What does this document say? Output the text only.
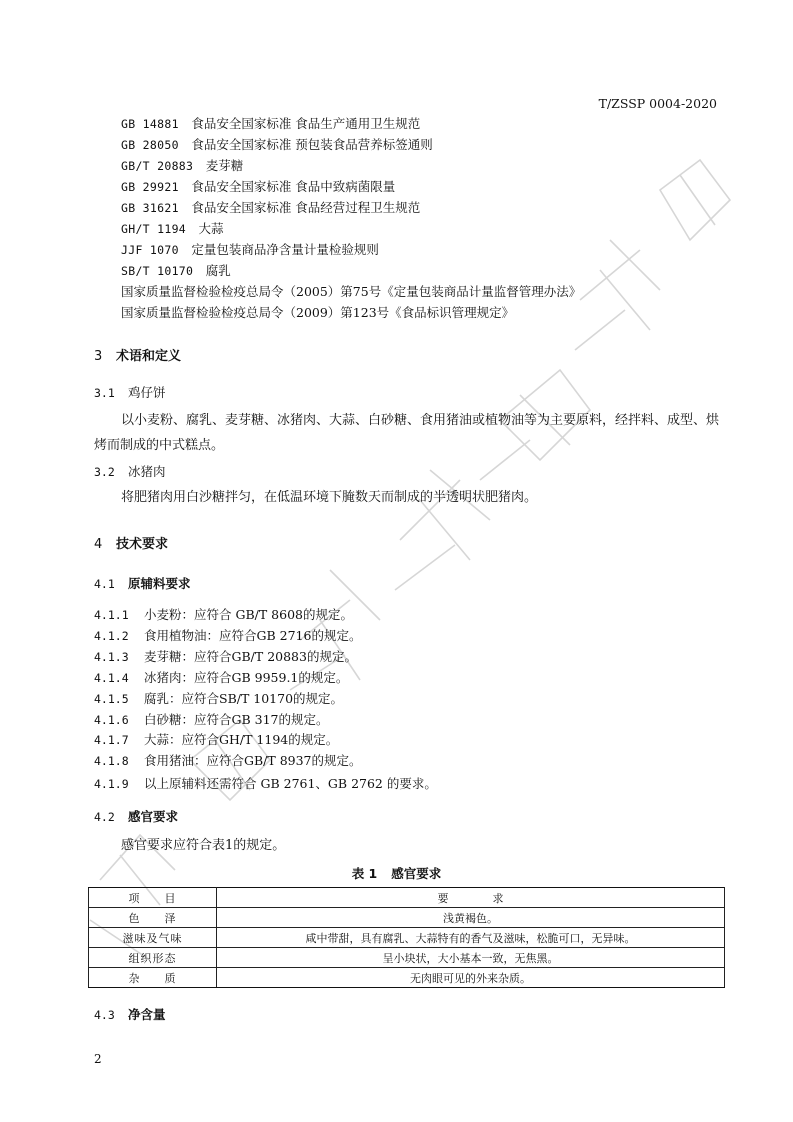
T/ZSSP 0004-2020
GB 14881　 食品安全国家标准 食品生产通用卫生规范
GB 28050　 食品安全国家标准 预包装食品营养标签通则
GB/T 20883　 麦芽糖
GB 29921　 食品安全国家标准 食品中致病菌限量
GB 31621　 食品安全国家标准 食品经营过程卫生规范
GH/T 1194　 大蒜
JJF 1070　 定量包装商品净含量计量检验规则
SB/T 10170　 腐乳
国家质量监督检验检疫总局令（2005）第75号《定量包装商品计量监督管理办法》
国家质量监督检验检疫总局令（2009）第123号《食品标识管理规定》
3 术语和定义
3.1 鸡仔饼
以小麦粉、腐乳、麦芽糖、冰猪肉、大蒜、白砂糖、食用猪油或植物油等为主要原料，经拌料、成型、烘烤而制成的中式糕点。
3.2 冰猪肉
将肥猪肉用白沙糖拌匀，在低温环境下腌数天而制成的半透明状肥猪肉。
4 技术要求
4.1 原辅料要求
4.1.1 小麦粉：应符合 GB/T 8608的规定。
4.1.2 食用植物油：应符合GB 2716的规定。
4.1.3 麦芽糖：应符合GB/T 20883的规定。
4.1.4 冰猪肉：应符合GB 9959.1的规定。
4.1.5 腐乳：应符合SB/T 10170的规定。
4.1.6 白砂糖：应符合GB 317的规定。
4.1.7 大蒜：应符合GH/T 1194的规定。
4.1.8 食用猪油：应符合GB/T 8937的规定。
4.1.9 以上原辅料还需符合 GB 2761、GB 2762 的要求。
4.2 感官要求
感官要求应符合表1的规定。
表 1 感官要求
项　　目	要　　　　求
色　　泽	浅黄褐色。
滋味及气味	咸中带甜，具有腐乳、大蒜特有的香气及滋味，松脆可口，无异味。
组织形态	呈小块状，大小基本一致，无焦黑。
杂　　质	无肉眼可见的外来杂质。
4.3 净含量
2
